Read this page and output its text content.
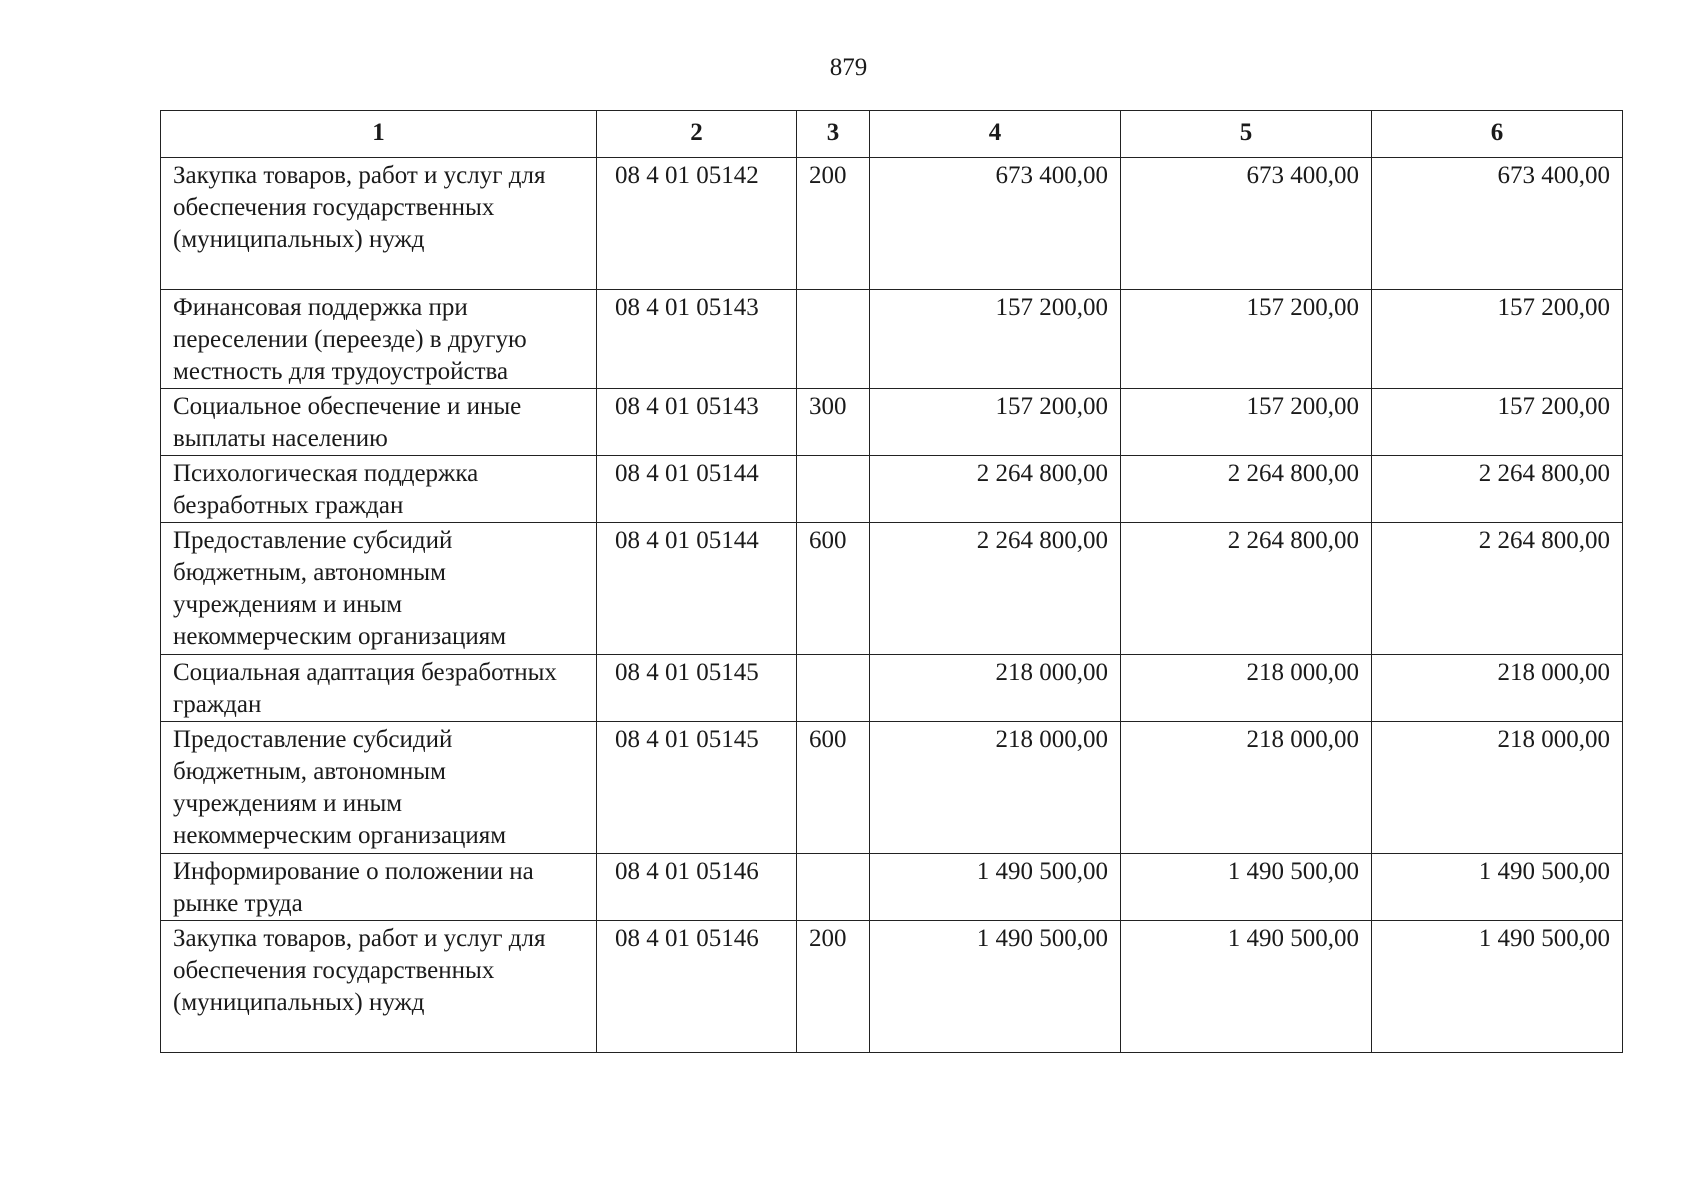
879
1	2	3	4	5	6
Закупка товаров, работ и услуг для обеспечения государственных (муниципальных) нужд	08 4 01 05142	200	673 400,00	673 400,00	673 400,00
Финансовая поддержка при переселении (переезде) в другую местность для трудоустройства	08 4 01 05143		157 200,00	157 200,00	157 200,00
Социальное обеспечение и иные выплаты населению	08 4 01 05143	300	157 200,00	157 200,00	157 200,00
Психологическая поддержка безработных граждан	08 4 01 05144		2 264 800,00	2 264 800,00	2 264 800,00
Предоставление субсидий бюджетным, автономным учреждениям и иным некоммерческим организациям	08 4 01 05144	600	2 264 800,00	2 264 800,00	2 264 800,00
Социальная адаптация безработных граждан	08 4 01 05145		218 000,00	218 000,00	218 000,00
Предоставление субсидий бюджетным, автономным учреждениям и иным некоммерческим организациям	08 4 01 05145	600	218 000,00	218 000,00	218 000,00
Информирование о положении на рынке труда	08 4 01 05146		1 490 500,00	1 490 500,00	1 490 500,00
Закупка товаров, работ и услуг для обеспечения государственных (муниципальных) нужд	08 4 01 05146	200	1 490 500,00	1 490 500,00	1 490 500,00
